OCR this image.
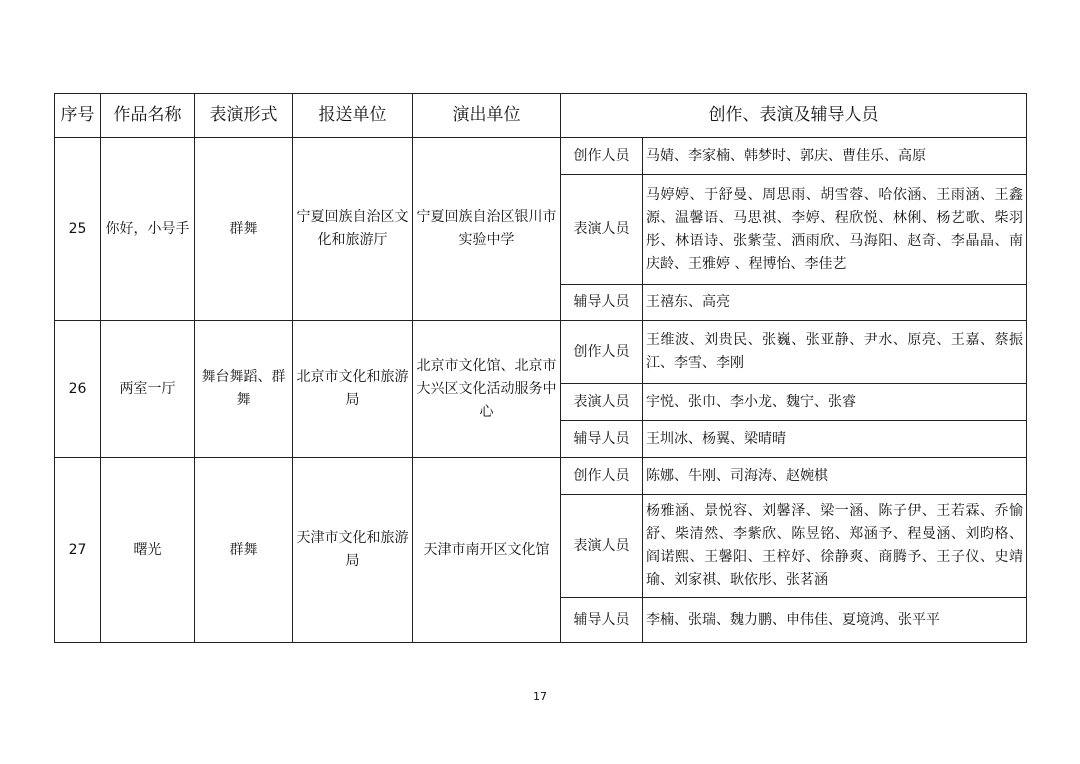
序号	作品名称	表演形式	报送单位	演出单位	创作、表演及辅导人员	
25	你好，小号手	群舞	宁夏回族自治区文化和旅游厅	宁夏回族自治区银川市实验中学	创作人员	马婧、李家楠、韩梦时、郭庆、曹佳乐、高原
					表演人员	马婷婷、于舒曼、周思雨、胡雪蓉、哈依涵、王雨涵、王鑫源、温馨语、马思祺、李婷、程欣悦、林俐、杨艺歌、柴羽彤、林语诗、张紫莹、洒雨欣、马海阳、赵奇、李晶晶、南庆龄、王雅婷 、程博怡、李佳艺
					辅导人员	王禧东、高亮
26	两室一厅	舞台舞蹈、群舞	北京市文化和旅游局	北京市文化馆、北京市大兴区文化活动服务中心	创作人员	王维波、刘贵民、张巍、张亚静、尹水、原亮、王嘉、蔡振江、李雪、李刚
					表演人员	宇悦、张巾、李小龙、魏宁、张睿
					辅导人员	王圳冰、杨翼、梁晴晴
27	曙光	群舞	天津市文化和旅游局	天津市南开区文化馆	创作人员	陈娜、牛刚、司海涛、赵婉棋
					表演人员	杨雅涵、景悦容、刘馨泽、梁一涵、陈子伊、王若霖、乔愉舒、柴清然、李紫欣、陈昱铭、郑涵予、程曼涵、刘昀格、阎诺熙、王馨阳、王梓妤、徐静爽、商腾予、王子仪、史靖瑜、刘家祺、耿依彤、张茗涵
					辅导人员	李楠、张瑞、魏力鹏、申伟佳、夏境鸿、张平平
17
